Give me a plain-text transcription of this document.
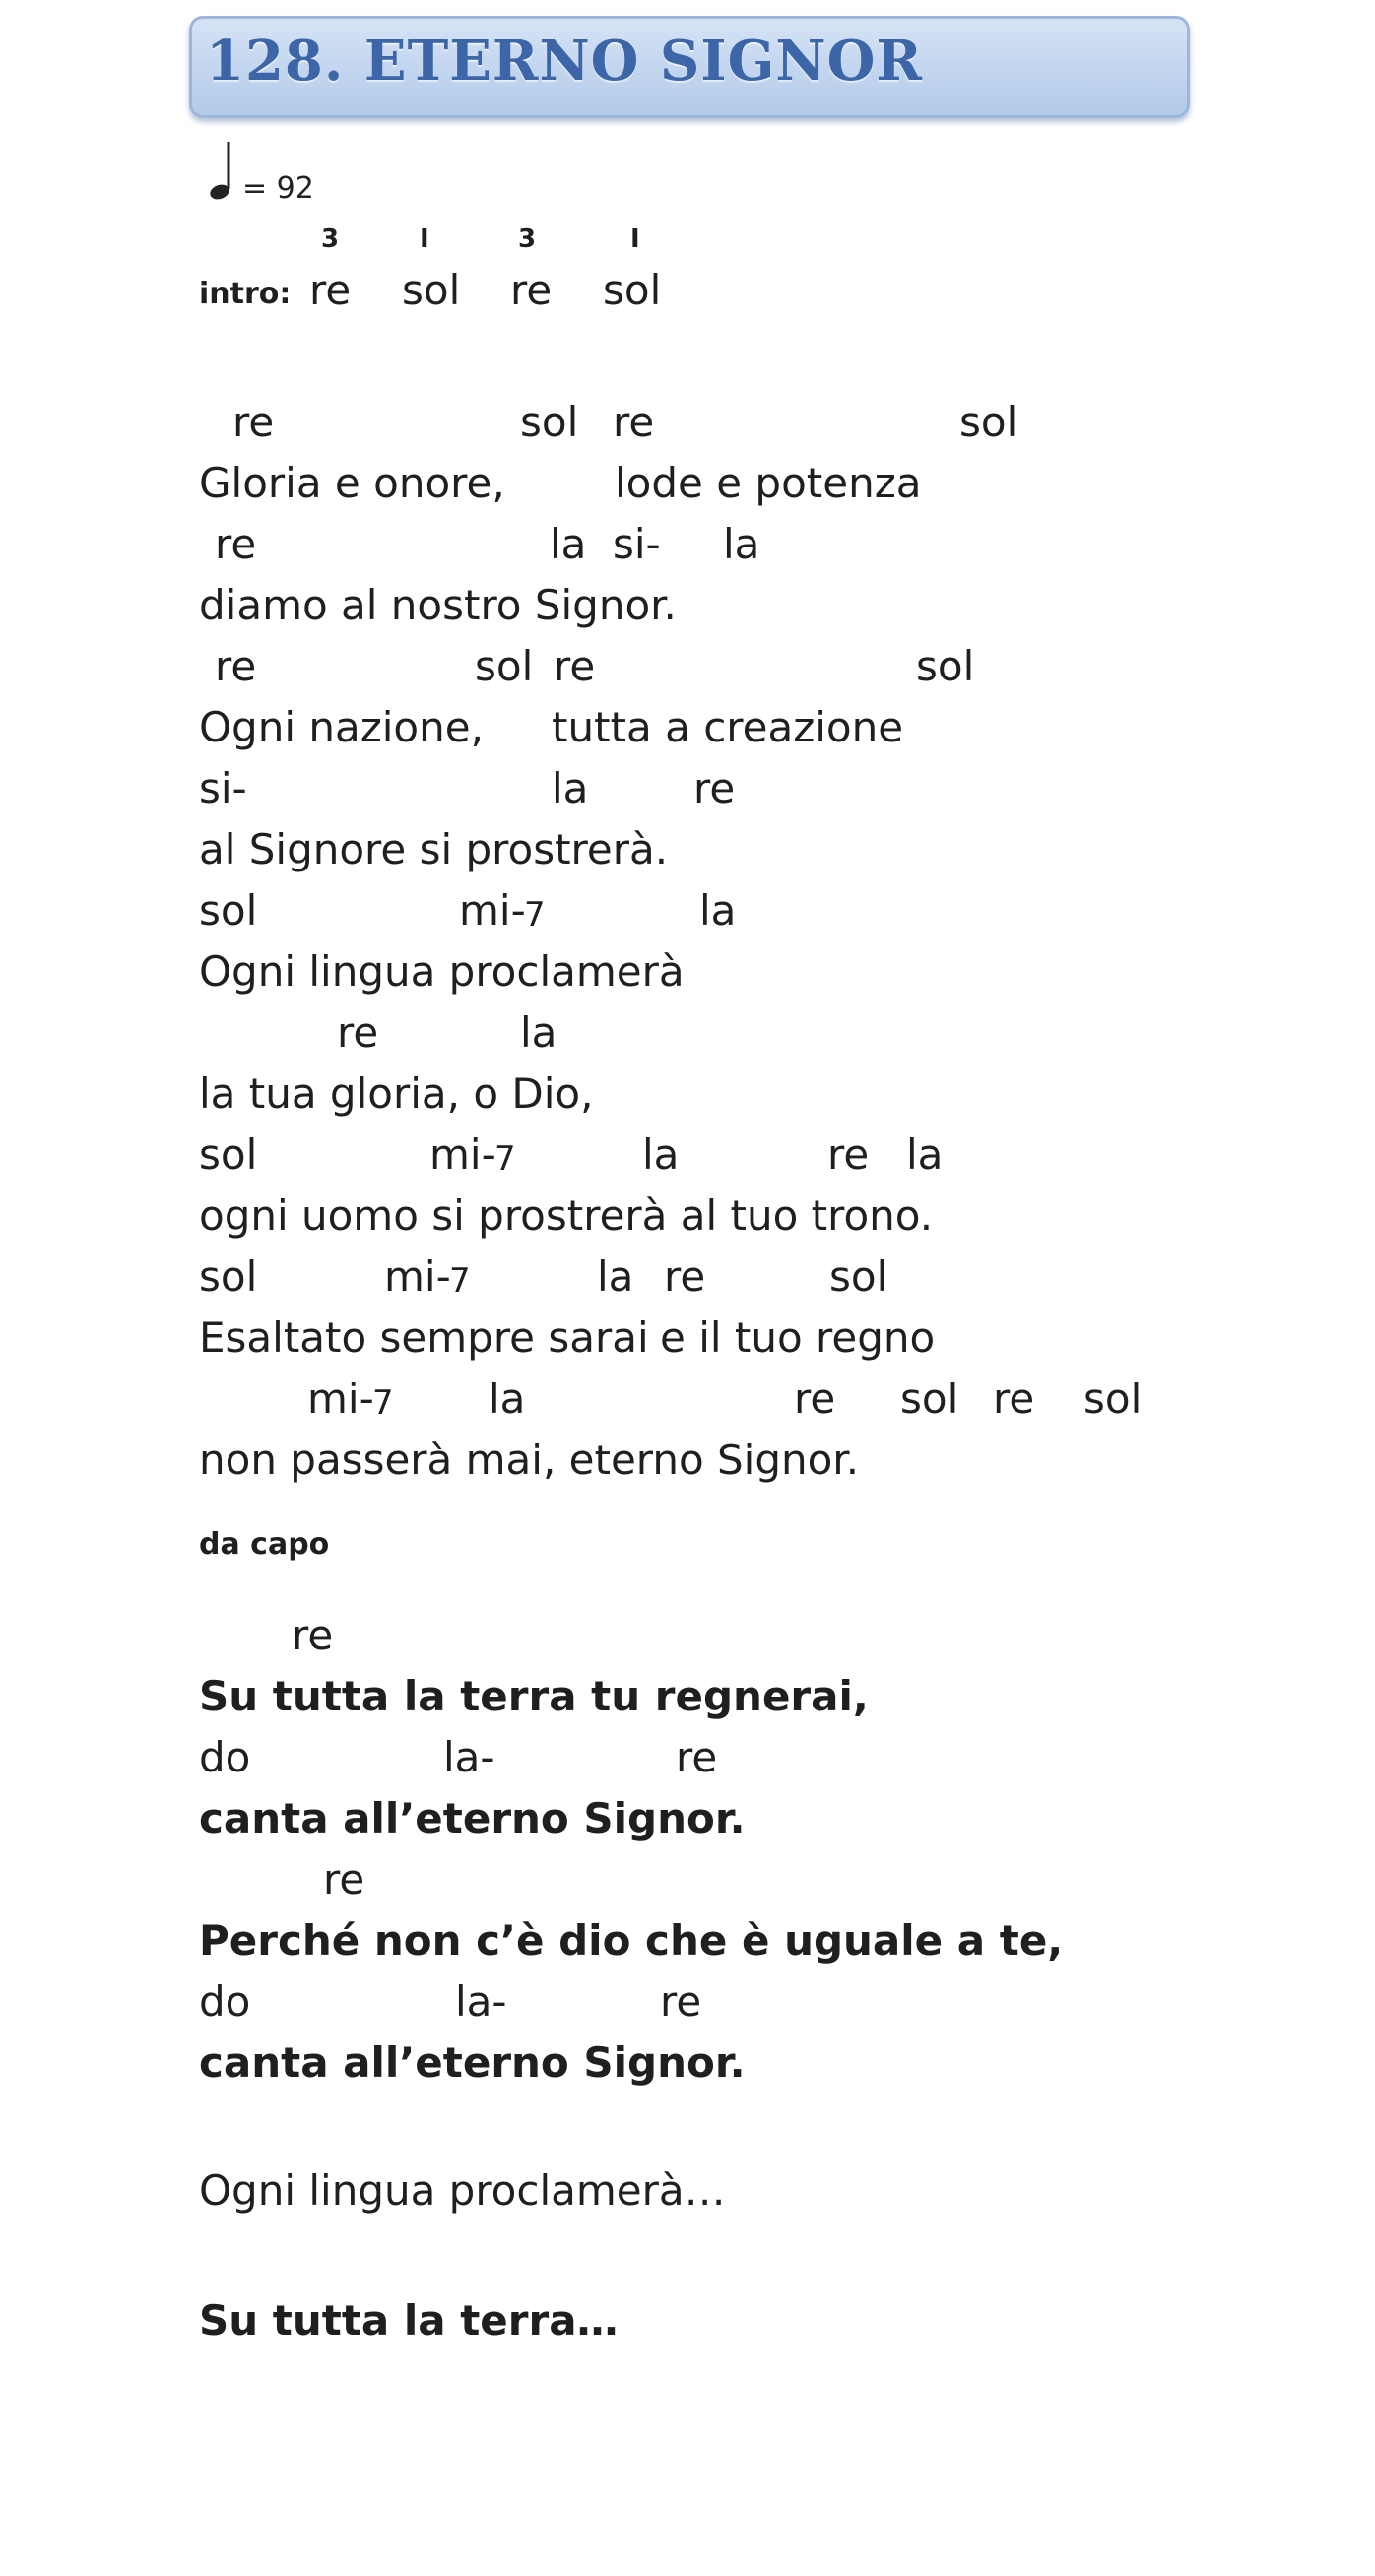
128. ETERNO SIGNOR
= 92
3	I	3	I
intro: re sol re sol
re	sol re	sol
Gloria e onore,	lode e potenza
re	la si- la
diamo al nostro Signor.
re	sol re	sol
Ogni nazione, tutta a creazione
si-	la	re
al Signore si prostrerà.
sol	mi-
7	la
Ogni lingua proclamerà
re	la
la tua gloria, o Dio,
sol	mi-
7	la	re la
ogni uomo si prostrerà al tuo trono.
sol	mi-
7	la re	sol
Esaltato sempre sarai e il tuo regno
mi-
7 la	re sol re sol
non passerà mai, eterno Signor.
da capo
re
Su tutta la terra tu regnerai,
do	la-	re
canta all’eterno Signor.
re
Perché non c’è dio che è uguale a te,
do	la-	re
canta all’eterno Signor.
Ogni lingua proclamerà…
Su tutta la terra…
